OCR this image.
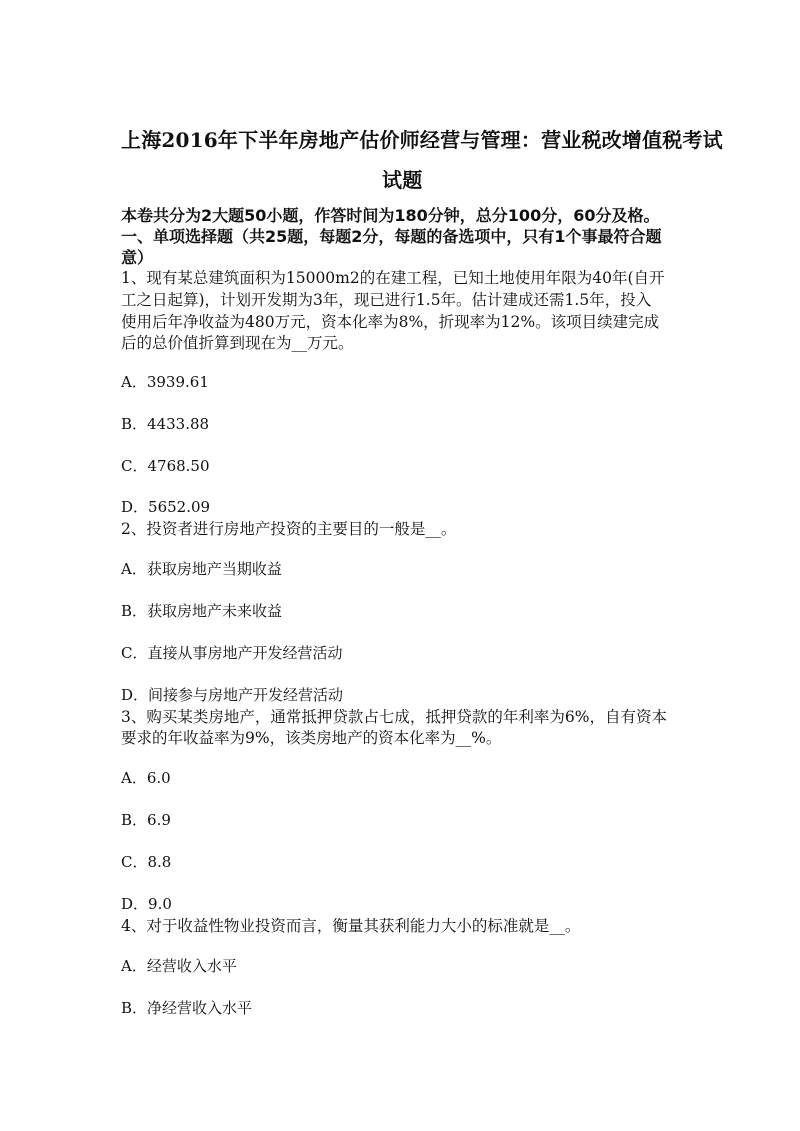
上海2016年下半年房地产估价师经营与管理：营业税改增值税考试
试题
本卷共分为2大题50小题，作答时间为180分钟，总分100分，60分及格。
一、单项选择题（共25题，每题2分，每题的备选项中，只有1个事最符合题
意）
1、现有某总建筑面积为15000m2的在建工程，已知土地使用年限为40年(自开
工之日起算)，计划开发期为3年，现已进行1.5年。估计建成还需1.5年，投入
使用后年净收益为480万元，资本化率为8%，折现率为12%。该项目续建完成
后的总价值折算到现在为__万元。
A．3939.61
B．4433.88
C．4768.50
D．5652.09
2、投资者进行房地产投资的主要目的一般是__。
A．获取房地产当期收益
B．获取房地产未来收益
C．直接从事房地产开发经营活动
D．间接参与房地产开发经营活动
3、购买某类房地产，通常抵押贷款占七成，抵押贷款的年利率为6%，自有资本
要求的年收益率为9%，该类房地产的资本化率为__%。
A．6.0
B．6.9
C．8.8
D．9.0
4、对于收益性物业投资而言，衡量其获利能力大小的标准就是__。
A．经营收入水平
B．净经营收入水平
